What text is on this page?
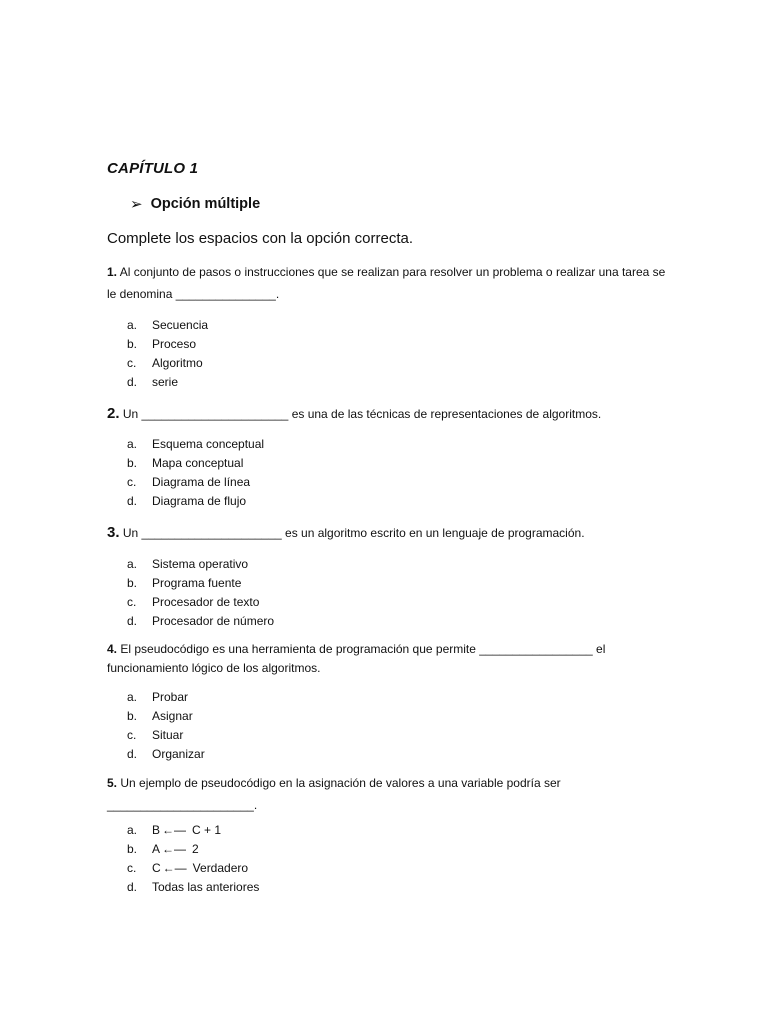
CAPÍTULO 1
➢ Opción múltiple
Complete los espacios con la opción correcta.
1. Al conjunto de pasos o instrucciones que se realizan para resolver un problema o realizar una tarea se le denomina _______________.
a.	Secuencia
b.	Proceso
c.	Algoritmo
d.	serie
2. Un ______________________ es una de las técnicas de representaciones de algoritmos.
a.	Esquema conceptual
b.	Mapa conceptual
c.	Diagrama de línea
d.	Diagrama de flujo
3. Un _____________________ es un algoritmo escrito en un lenguaje de programación.
a.	Sistema operativo
b.	Programa fuente
c.	Procesador de texto
d.	Procesador de número
4. El pseudocódigo es una herramienta de programación que permite _________________ el funcionamiento lógico de los algoritmos.
a.	Probar
b.	Asignar
c.	Situar
d.	Organizar
5. Un ejemplo de pseudocódigo en la asignación de valores a una variable podría ser ______________________.
a.	B ←— C + 1
b.	A ←— 2
c.	C ←— Verdadero
d.	Todas las anteriores
